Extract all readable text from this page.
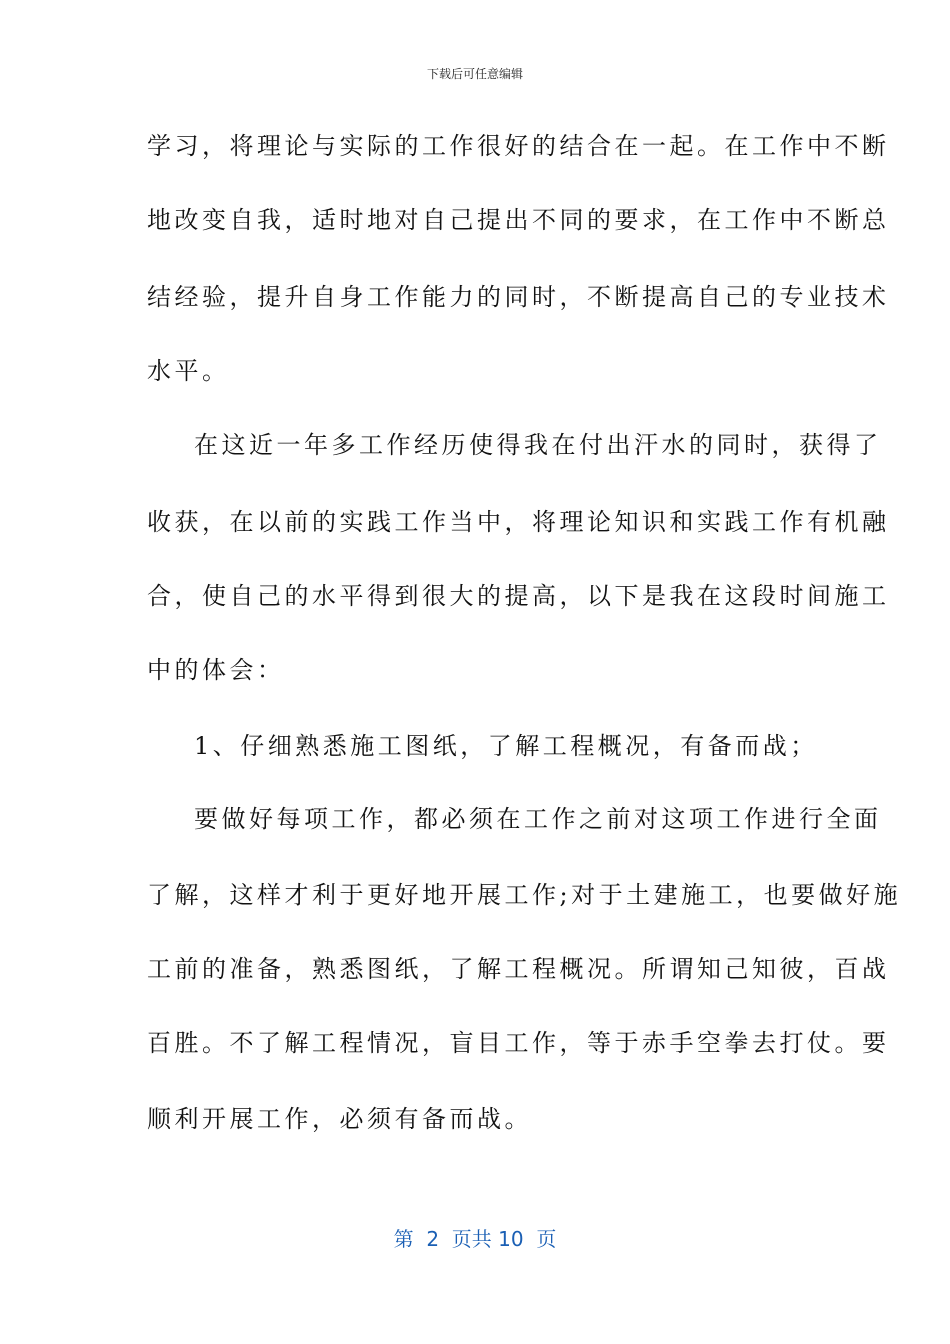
下载后可任意编辑
学习，将理论与实际的工作很好的结合在一起。在工作中不断
地改变自我，适时地对自己提出不同的要求，在工作中不断总
结经验，提升自身工作能力的同时，不断提高自己的专业技术
水平。
在这近一年多工作经历使得我在付出汗水的同时，获得了
收获，在以前的实践工作当中，将理论知识和实践工作有机融
合，使自己的水平得到很大的提高，以下是我在这段时间施工
中的体会：
1、仔细熟悉施工图纸，了解工程概况，有备而战；
要做好每项工作，都必须在工作之前对这项工作进行全面
了解，这样才利于更好地开展工作;对于土建施工，也要做好施
工前的准备，熟悉图纸，了解工程概况。所谓知己知彼，百战
百胜。不了解工程情况，盲目工作，等于赤手空拳去打仗。要
顺利开展工作，必须有备而战。
第  2  页共 10  页
